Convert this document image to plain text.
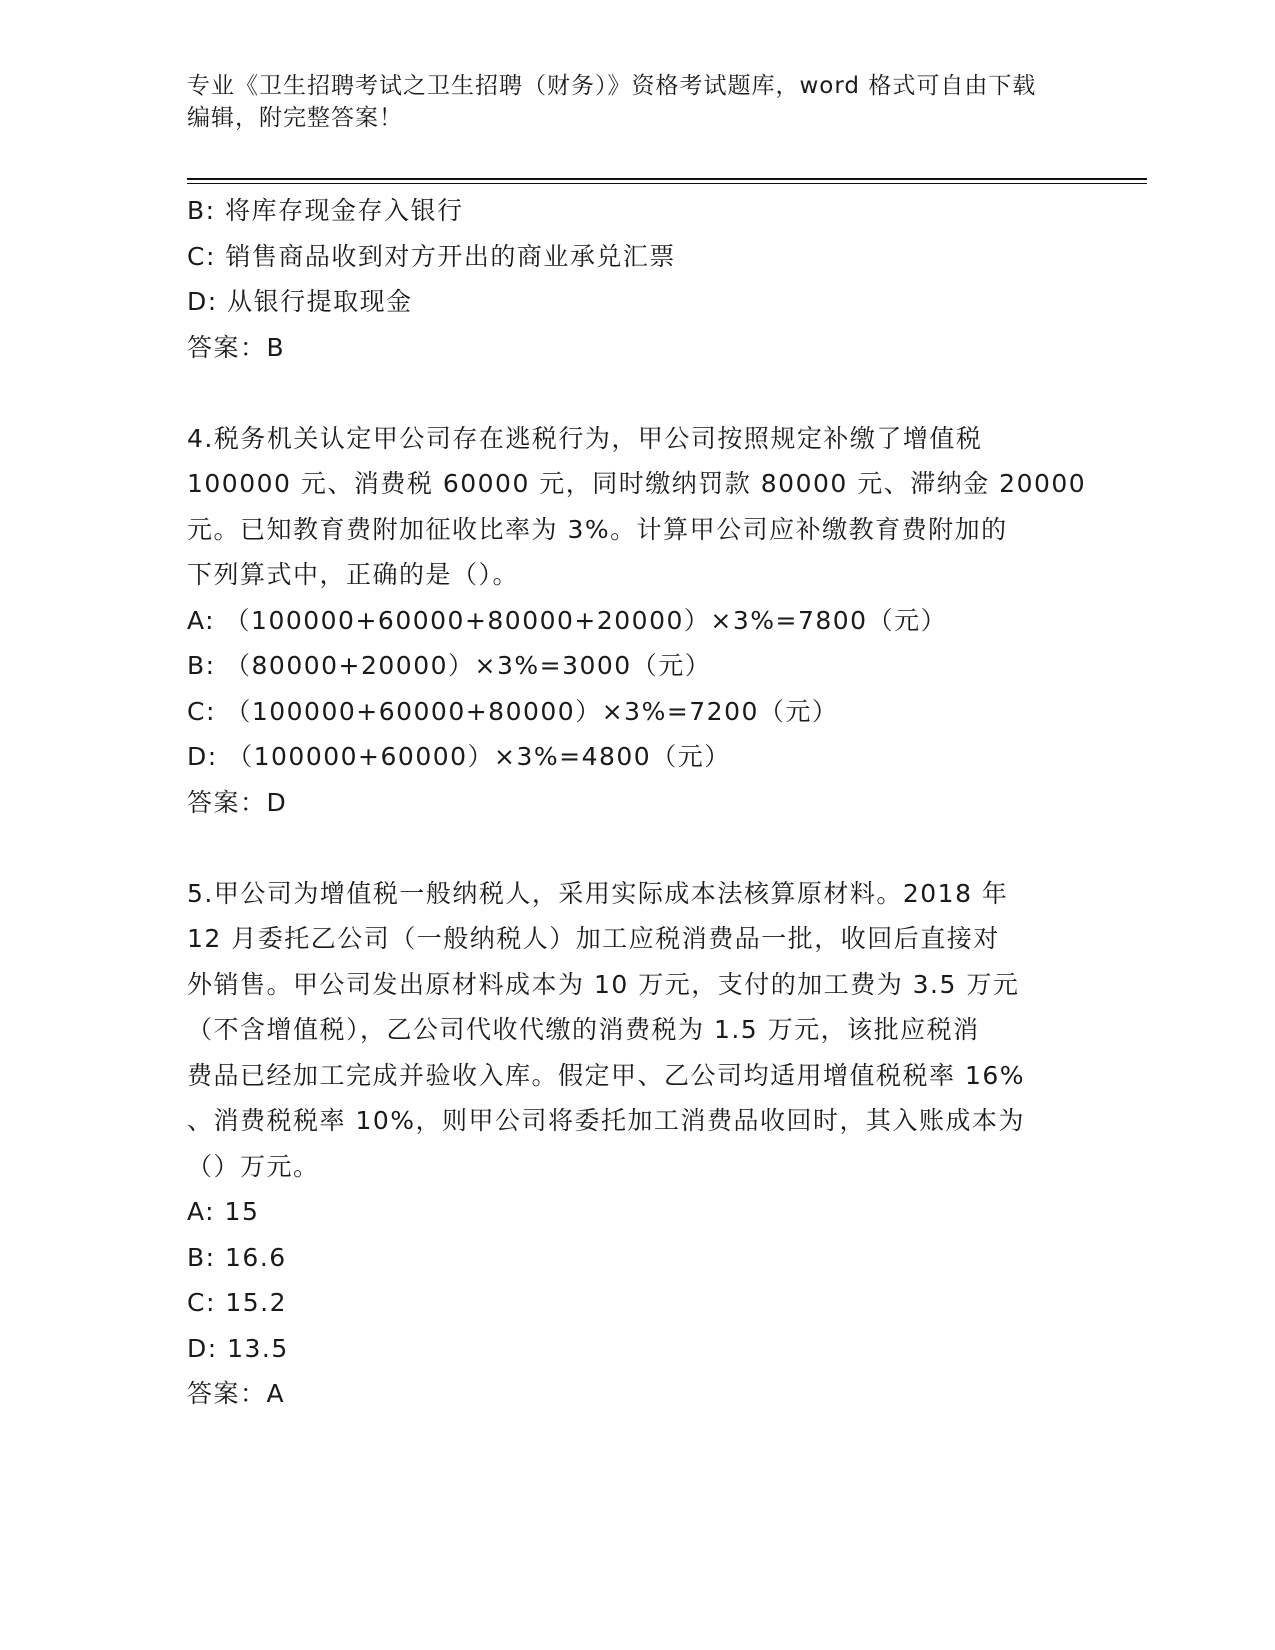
专业《卫生招聘考试之卫生招聘（财务）》资格考试题库，word 格式可自由下载
编辑，附完整答案！
B: 将库存现金存入银行
C: 销售商品收到对方开出的商业承兑汇票
D: 从银行提取现金
答案：B
4.税务机关认定甲公司存在逃税行为，甲公司按照规定补缴了增值税
100000 元、消费税 60000 元，同时缴纳罚款 80000 元、滞纳金 20000
元。已知教育费附加征收比率为 3%。计算甲公司应补缴教育费附加的
下列算式中，正确的是（）。
A: （100000+60000+80000+20000）×3%=7800（元）
B: （80000+20000）×3%=3000（元）
C: （100000+60000+80000）×3%=7200（元）
D: （100000+60000）×3%=4800（元）
答案：D
5.甲公司为增值税一般纳税人，采用实际成本法核算原材料。2018 年
12 月委托乙公司（一般纳税人）加工应税消费品一批，收回后直接对
外销售。甲公司发出原材料成本为 10 万元，支付的加工费为 3.5 万元
（不含增值税），乙公司代收代缴的消费税为 1.5 万元，该批应税消
费品已经加工完成并验收入库。假定甲、乙公司均适用增值税税率 16%
、消费税税率 10%，则甲公司将委托加工消费品收回时，其入账成本为
（）万元。
A: 15
B: 16.6
C: 15.2
D: 13.5
答案：A
